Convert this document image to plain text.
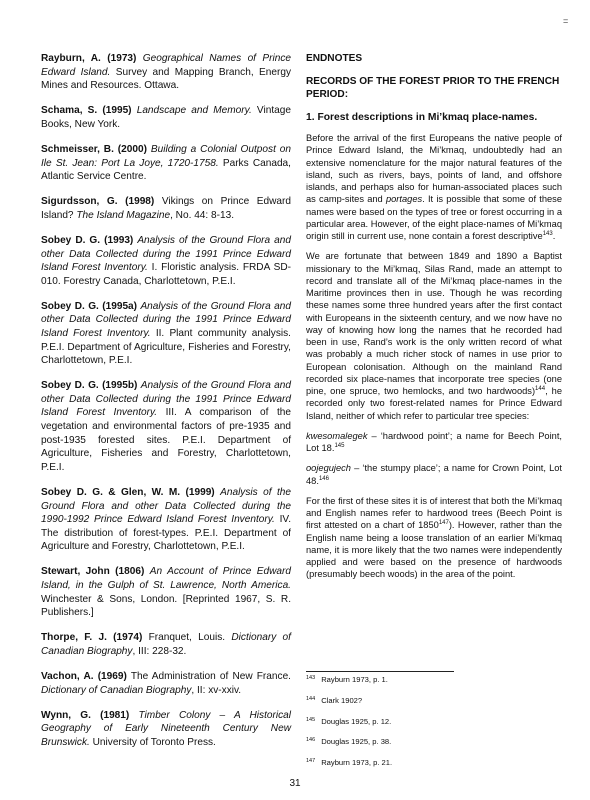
=

Rayburn, A. (1973) Geographical Names of Prince Edward Island. Survey and Mapping Branch, Energy Mines and Resources. Ottawa.

Schama, S. (1995) Landscape and Memory. Vintage Books, New York.

Schmeisser, B. (2000) Building a Colonial Outpost on Ile St. Jean: Port La Joye, 1720-1758. Parks Canada, Atlantic Service Centre.

Sigurdsson, G. (1998) Vikings on Prince Edward Island? The Island Magazine, No. 44: 8-13.

Sobey D. G. (1993) Analysis of the Ground Flora and other Data Collected during the 1991 Prince Edward Island Forest Inventory. I. Floristic analysis. FRDA SD-010. Forestry Canada, Charlottetown, P.E.I.

Sobey D. G. (1995a) Analysis of the Ground Flora and other Data Collected during the 1991 Prince Edward Island Forest Inventory. II. Plant community analysis. P.E.I. Department of Agriculture, Fisheries and Forestry, Charlottetown, P.E.I.

Sobey D. G. (1995b) Analysis of the Ground Flora and other Data Collected during the 1991 Prince Edward Island Forest Inventory. III. A comparison of the vegetation and environmental factors of pre-1935 and post-1935 forested sites. P.E.I. Department of Agriculture, Fisheries and Forestry, Charlottetown, P.E.I.

Sobey D. G. & Glen, W. M. (1999) Analysis of the Ground Flora and other Data Collected during the 1990-1992 Prince Edward Island Forest Inventory. IV. The distribution of forest-types. P.E.I. Department of Agriculture and Forestry, Charlottetown, P.E.I.

Stewart, John (1806) An Account of Prince Edward Island, in the Gulph of St. Lawrence, North America. Winchester & Sons, London. [Reprinted 1967, S. R. Publishers.]

Thorpe, F. J. (1974) Franquet, Louis. Dictionary of Canadian Biography, III: 228-32.

Vachon, A. (1969) The Administration of New France. Dictionary of Canadian Biography, II: xv-xxiv.

Wynn, G. (1981) Timber Colony – A Historical Geography of Early Nineteenth Century New Brunswick. University of Toronto Press.

ENDNOTES

RECORDS OF THE FOREST PRIOR TO THE FRENCH PERIOD:

1. Forest descriptions in Mi’kmaq place-names.

Before the arrival of the first Europeans the native people of Prince Edward Island, the Mi’kmaq, undoubtedly had an extensive nomenclature for the major natural features of the island, such as rivers, bays, points of land, and offshore islands, and perhaps also for human-associated places such as camp-sites and portages. It is possible that some of these names were based on the types of tree or forest occurring in a particular area. However, of the eight place-names of Mi’kmaq origin still in current use, none contain a forest descriptive$^{143}$.

We are fortunate that between 1849 and 1890 a Baptist missionary to the Mi’kmaq, Silas Rand, made an attempt to record and translate all of the Mi’kmaq place-names in the Maritime provinces then in use. Though he was recording these names some three hundred years after the first contact with Europeans in the sixteenth century, and we now have no way of knowing how long the names that he recorded had been in use, Rand’s work is the only written record of what was probably a much richer stock of names in use prior to European colonisation. Although on the mainland Rand recorded six place-names that incorporate tree species (one pine, one spruce, two hemlocks, and two hardwoods)$^{144}$, he recorded only two forest-related names for Prince Edward Island, neither of which refer to particular tree species:

kwesomalegek – ‘hardwood point’; a name for Beech Point, Lot 18.$^{145}$

oojegujech – ‘the stumpy place’; a name for Crown Point, Lot 48.$^{146}$

For the first of these sites it is of interest that both the Mi’kmaq and English names refer to hardwood trees (Beech Point is first attested on a chart of 1850$^{147}$). However, rather than the English name being a loose translation of an earlier Mi’kmaq name, it is more likely that the two names were independently applied and were based on the presence of hardwoods (presumably beech woods) in the area of the point.

$^{143}$ Rayburn 1973, p. 1.

$^{144}$ Clark 1902?

$^{145}$ Douglas 1925, p. 12.

$^{146}$ Douglas 1925, p. 38.

$^{147}$ Rayburn 1973, p. 21.

31
